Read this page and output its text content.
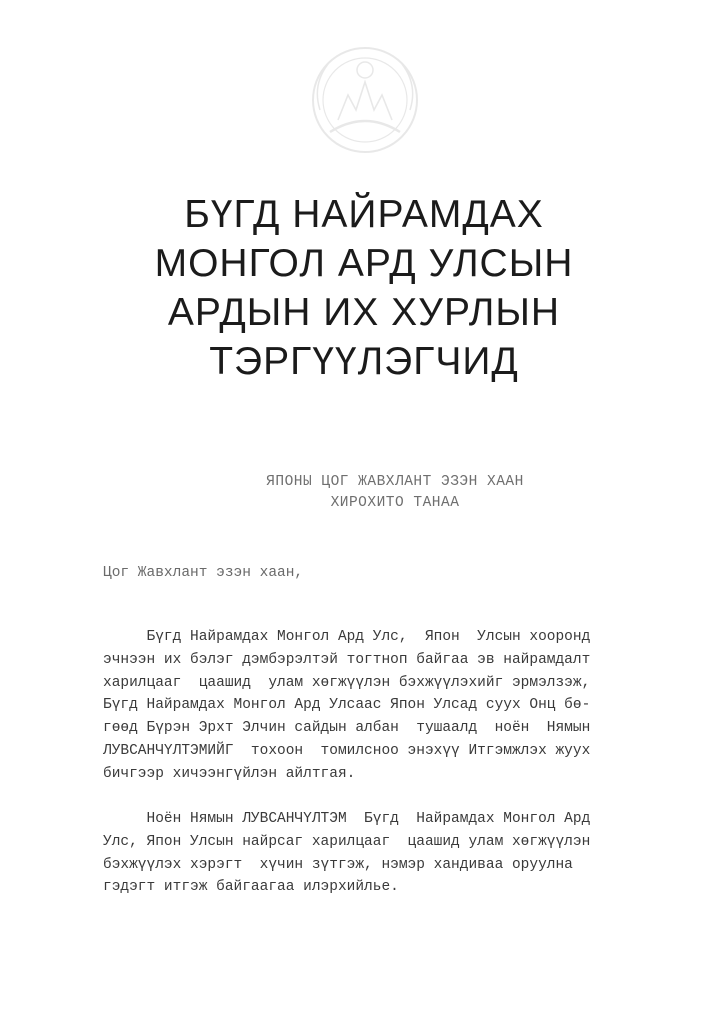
БҮГД НАЙРАМДАХ
МОНГОЛ АРД УЛСЫН
АРДЫН ИХ ХУРЛЫН
ТЭРГҮҮЛЭГЧИД
ЯПОНЫ ЦОГ ЖАВХЛАНТ ЭЗЭН ХААН
ХИРОХИТО ТАНАА
Цог Жавхлант эзэн хаан,
Бүгд Найрамдах Монгол Ард Улс,  Япон  Улсын хооронд
эчнээн их бэлэг дэмбэрэлтэй тогтноп байгаа эв найрамдалт
харилцааг  цаашид  улам хөгжүүлэн бэхжүүлэхийг эрмэлзэж,
Бүгд Найрамдах Монгол Ард Улсаас Япон Улсад суух Онц бө-
гөөд Бүрэн Эрхт Элчин сайдын албан  тушаалд  ноён  Нямын
ЛУВСАНЧҮЛТЭМИЙГ  тохоон  томилсноо энэхүү Итгэмжлэх жуух
бичгээр хичээнгүйлэн айлтгая.
Ноён Нямын ЛУВСАНЧҮЛТЭМ  Бүгд  Найрамдах Монгол Ард
Улс, Япон Улсын найрсаг харилцааг  цаашид улам хөгжүүлэн
бэхжүүлэх хэрэгт  хүчин зүтгэж, нэмэр хандиваа оруулна
гэдэгт итгэж байгаагаа илэрхийлье.
